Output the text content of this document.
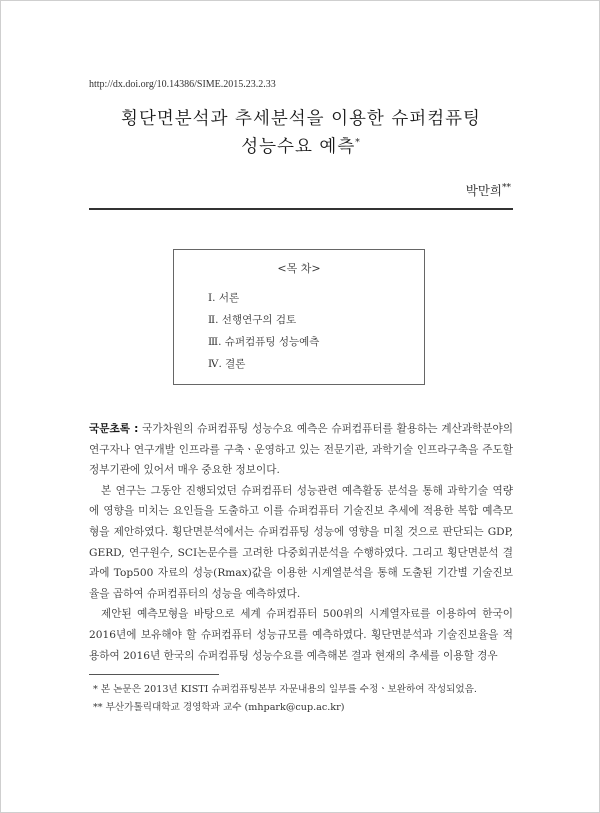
http://dx.doi.org/10.14386/SIME.2015.23.2.33
횡단면분석과 추세분석을 이용한 슈퍼컴퓨팅
성능수요 예측*
박만희**
<목 차>
Ⅰ. 서론
Ⅱ. 선행연구의 검토
Ⅲ. 슈퍼컴퓨팅 성능예측
Ⅳ. 결론

국문초록 : 국가차원의 슈퍼컴퓨팅 성능수요 예측은 슈퍼컴퓨터를 활용하는 계산과학분야의 연구자나 연구개발 인프라를 구축ㆍ운영하고 있는 전문기관, 과학기술 인프라구축을 주도할 정부기관에 있어서 매우 중요한 정보이다.

본 연구는 그동안 진행되었던 슈퍼컴퓨터 성능관련 예측활동 분석을 통해 과학기술 역량에 영향을 미치는 요인들을 도출하고 이를 슈퍼컴퓨터 기술진보 추세에 적용한 복합 예측모형을 제안하였다. 횡단면분석에서는 슈퍼컴퓨팅 성능에 영향을 미칠 것으로 판단되는 GDP, GERD, 연구원수, SCI논문수를 고려한 다중회귀분석을 수행하였다. 그리고 횡단면분석 결과에 Top500 자료의 성능(Rmax)값을 이용한 시계열분석을 통해 도출된 기간별 기술진보율을 곱하여 슈퍼컴퓨터의 성능을 예측하였다.

제안된 예측모형을 바탕으로 세계 슈퍼컴퓨터 500위의 시계열자료를 이용하여 한국이 2016년에 보유해야 할 슈퍼컴퓨터 성능규모를 예측하였다. 횡단면분석과 기술진보율을 적용하여 2016년 한국의 슈퍼컴퓨팅 성능수요를 예측해본 결과 현재의 추세를 이용할 경우

* 본 논문은 2013년 KISTI 슈퍼컴퓨팅본부 자문내용의 일부를 수정ㆍ보완하여 작성되었음.
** 부산가톨릭대학교 경영학과 교수 (mhpark@cup.ac.kr)
